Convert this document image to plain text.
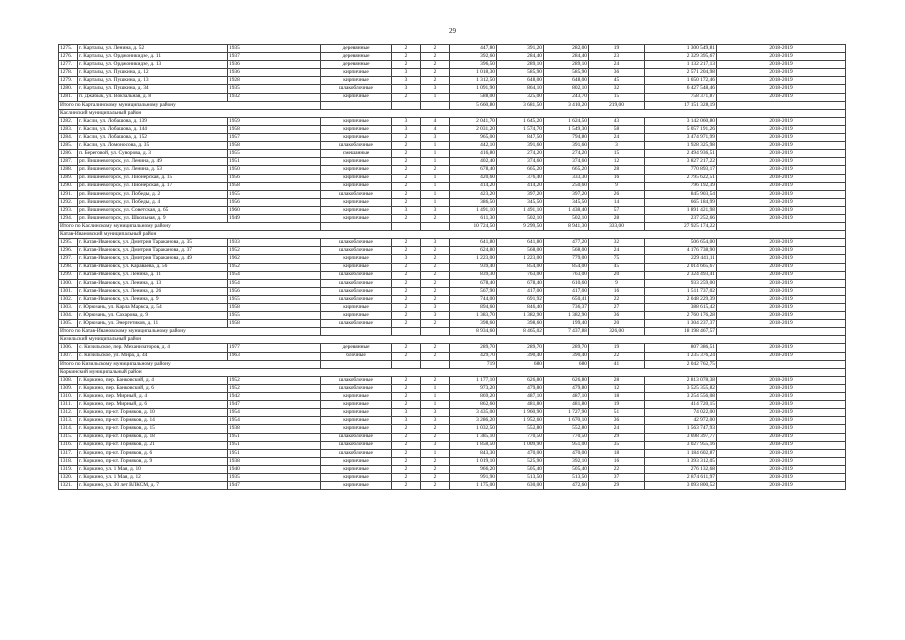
29
1275.	г. Карталы, ул. Ленина, д. 52	1935	деревянные	2	2	447,80	391,20	282,00	19	1 300 549,81	2018-2019
1276.	г. Карталы, ул. Орджоникидзе, д. 11	1937	деревянные	2	2	392,60	284,40	284,40	23	2 329 395,67	2018-2019
1277.	г. Карталы, ул. Орджоникидзе, д. 13	1936	деревянные	2	2	396,50	289,10	289,10	24	1 132 217,13	2018-2019
1278.	г. Карталы, ул. Пушкина, д. 12	1936	кирпичные	3	2	1 018,30	585,90	585,90	36	2 571 204,98	2018-2019
1279.	г. Карталы, ул. Пушкина, д. 13	1928	кирпичные	3	2	1 312,50	648,00	648,00	45	1 650 172,46	2018-2019
1280.	г. Карталы, ул. Пушкина, д. 34	1935	шлакоблочные	3	3	1 091,90	864,10	802,10	32	6 427 548,46	2018-2019
1281.	п. Джабык, ул. Вокзальная, д. 8	1932	кирпичные	2	1	588,00	325,00	243,70	15	758 371,87	2018-2019
Итого по Карталинскому муниципальному району						5 660,80	3 681,50	3 410,20	219,00	17 151 328,19	
Каслинский муниципальный район											
1282.	г. Касли, ул. Лобашова, д. 139	1959	кирпичные	3	4	2 041,70	1 645,20	1 624,50	43	3 142 060,80	2018-2019
1283.	г. Касли, ул. Лобашова, д. 144	1958	кирпичные	3	4	2 031,20	1 574,70	1 549,30	58	5 057 191,26	2018-2019
1284.	г. Касли, ул. Лобашова, д. 152	1957	кирпичные	2	3	965,00	847,50	794,80	24	3 474 971,99	2018-2019
1285.	г. Касли, ул. Ломоносова, д. 35	1958	шлакоблочные	2	1	442,10	391,60	391,60	3	1 928 325,98	2018-2019
1286.	п. Береговой, ул. Суворова, д. 3	1955	смешанные	2	1	416,80	274,20	274,20	15	2 494 936,51	2018-2019
1287.	рп. Вишневогорск, ул. Ленина, д. 49	1951	кирпичные	2	1	402,40	374,60	374,60	12	3 827 217,22	2018-2019
1288.	рп. Вишневогорск, ул. Ленина, д. 53	1950	кирпичные	2	2	678,40	665,20	665,20	28	770 893,17	2018-2019
1289.	рп. Вишневогорск, ул. Пионерская, д. 15	1956	кирпичные	2	1	420,60	376,40	333,30	16	2 795 622,51	2018-2019
1290.	рп. Вишневогорск, ул. Пионерская, д. 17	1958	кирпичные	2	1	414,20	414,20	250,60	9	796 192,39	2018-2019
1291.	рп. Вишневогорск, ул. Победы, д. 2	1955	шлакоблочные	2	1	423,20	397,20	397,20	26	845 903,54	2018-2019
1292.	рп. Вишневогорск, ул. Победы, д. 4	1956	кирпичные	2	1	386,50	345,50	345,50	14	665 184,99	2018-2019
1293.	рп. Вишневогорск, ул. Советская, д. 65	1960	кирпичные	3	3	1 491,10	1 491,10	1 438,40	57	1 891 421,98	2018-2019
1294.	рп. Вишневогорск, ул. Школьная, д. 9	1949	кирпичные	2	2	611,30	502,10	502,10	28	237 252,66	2018-2019
Итого по Каслинскому муниципальному району						10 724,50	9 299,50	8 941,30	333,00	27 925 174,22	
Катав-Ивановский муниципальный район											
1295.	г. Катав-Ивановск, ул. Дмитрия Тараканова, д. 35	1933	шлакоблочные	2	3	641,80	641,80	477,20	32	506 654,00	2018-2019
1296.	г. Катав-Ивановск, ул. Дмитрия Тараканова, д. 37	1952	шлакоблочные	2	2	624,80	568,00	568,00	24	4 176 738,90	2018-2019
1297.	г. Катав-Ивановск, ул. Дмитрия Тараканова, д. 49	1962	кирпичные	3	2	1 223,00	1 223,00	779,00	75	229 441,11	2018-2019
1298.	г. Катав-Ивановск, ул. Караваева, д. 56	1952	кирпичные	2	2	939,40	854,00	854,00	45	2 014 665,67	2018-2019
1299.	г. Катав-Ивановск, ул. Ленина, д. 11	1954	шлакоблочные	2	2	839,30	763,00	763,00	20	2 324 493,41	2018-2019
1300.	г. Катав-Ивановск, ул. Ленина, д. 13	1954	шлакоблочные	2	2	678,40	678,40	610,60	9	933 259,00	2018-2019
1301.	г. Катав-Ивановск, ул. Ленина, д. 26	1956	шлакоблочные	2	2	567,90	417,00	417,00	16	1 511 737,02	2018-2019
1302.	г. Катав-Ивановск, ул. Ленина, д. 9	1955	шлакоблочные	2	2	744,00	691,92	650,41	22	2 048 229,39	2018-2019
1303.	г. Юрюзань, ул. Карла Маркса, д. 54	1958	кирпичные	2	3	894,60	846,40	736,37	27	388 615,42	2018-2019
1304.	г. Юрюзань, ул. Сахарова, д. 9	1955	кирпичные	2	3	1 383,70	1 382,90	1 382,90	36	2 760 176,28	2018-2019
1305.	г. Юрюзань, ул. Энергетиков, д. 11	1958	шлакоблочные	2	2	398,60	398,60	199,40	20	1 304 237,37	2018-2019
Итого по Катав-Ивановскому муниципальному району						8 934,60	8 465,02	7 437,88	326,00	18 198 467,57	
Кизильский муниципальный район											
1306.	с. Кизильское, пер. Механизаторов, д. 4	1977	деревянные	2	2	289,70	289,70	289,70	19	807 386,51	2018-2019
1307.	с. Кизильское, ул. Мира, д. 44	1963	блочные	2	2	429,70	390,40	390,40	22	1 235 376,24	2018-2019
Итого по Кизильскому муниципальному району						719	680	680	41	2 042 762,75	
Коркинский муниципальный район											
1308.	г. Коркино, пер. Банковский, д. 4	1952	шлакоблочные	2	2	1 177,10	626,80	626,80	28	2 813 078,38	2018-2019
1309.	г. Коркино, пер. Банковский, д. 6	1952	шлакоблочные	2	1	973,20	479,80	479,80	12	3 525 355,82	2018-2019
1310.	г. Коркино, пер. Мирный, д. 4	1942	кирпичные	2	1	869,20	487,10	487,10	18	3 254 556,08	2018-2019
1311.	г. Коркино, пер. Мирный, д. 6	1947	кирпичные	2	1	862,60	481,80	481,80	19	414 720,15	2018-2019
1312.	г. Коркино, пр-кт. Горняков, д. 10	1954	кирпичные	3	3	3 435,00	1 960,90	1 727,90	51	74 022,00	2018-2019
1313.	г. Коркино, пр-кт. Горняков, д. 14	1954	кирпичные	3	3	3 286,20	1 952,60	1 670,10	36	42 972,00	2018-2019
1314.	г. Коркино, пр-кт. Горняков, д. 15	1938	кирпичные	2	2	1 032,50	552,80	552,80	24	1 563 747,93	2018-2019
1315.	г. Коркино, пр-кт. Горняков, д. 18	1951	шлакоблочные	2	2	1 385,10	770,50	770,50	29	3 698 397,77	2018-2019
1316.	г. Коркино, пр-кт. Горняков, д. 21	1951	шлакоблочные	2	3	1 858,50	1 009,90	951,00	35	3 027 955,16	2018-2019
1317.	г. Коркино, пр-кт. Горняков, д. 6	1951	шлакоблочные	2	1	843,30	470,00	470,00	18	1 184 602,87	2018-2019
1318.	г. Коркино, пр-кт. Горняков, д. 9	1938	кирпичные	2	2	1 019,10	525,90	392,10	16	1 393 312,05	2018-2019
1319.	г. Коркино, ул. 1 Мая, д. 10	1940	кирпичные	2	2	966,20	505,40	505,40	22	276 132,68	2018-2019
1320.	г. Коркино, ул. 1 Мая, д. 12	1935	кирпичные	2	2	991,90	513,50	513,50	37	2 874 611,97	2018-2019
1321.	г. Коркино, ул. 30 лет ВЛКСМ, д. 7	1947	кирпичные	2	2	1 175,00	630,00	472,60	29	3 093 800,52	2018-2019
